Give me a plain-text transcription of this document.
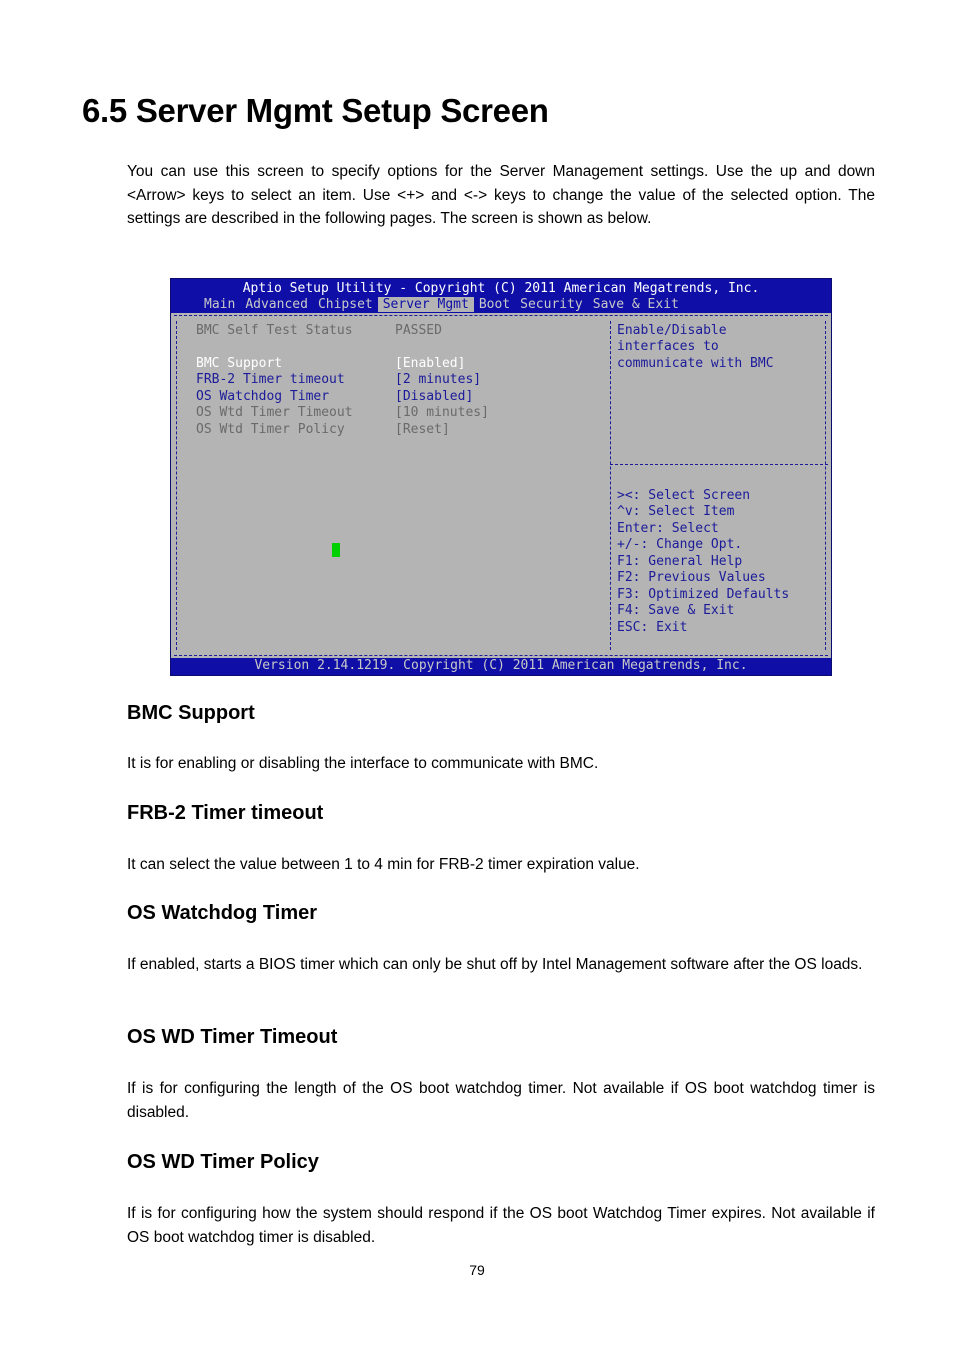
6.5 Server Mgmt Setup Screen
You can use this screen to specify options for the Server Management settings. Use the up and down <Arrow> keys to select an item. Use <+> and <-> keys to change the value of the selected option. The settings are described in the following pages. The screen is shown as below.
Aptio Setup Utility - Copyright (C) 2011 American Megatrends, Inc.
Main Advanced Chipset Server Mgmt Boot Security Save & Exit
BMC Self Test Status	PASSED
BMC Support	[Enabled]
FRB-2 Timer timeout	[2 minutes]
OS Watchdog Timer	[Disabled]
OS Wtd Timer Timeout	[10 minutes]
OS Wtd Timer Policy	[Reset]
Enable/Disable
interfaces to
communicate with BMC
><: Select Screen
^v: Select Item
Enter: Select
+/-: Change Opt.
F1: General Help
F2: Previous Values
F3: Optimized Defaults
F4: Save & Exit
ESC: Exit
Version 2.14.1219. Copyright (C) 2011 American Megatrends, Inc.
BMC Support
It is for enabling or disabling the interface to communicate with BMC.
FRB-2 Timer timeout
It can select the value between 1 to 4 min for FRB-2 timer expiration value.
OS Watchdog Timer
If enabled, starts a BIOS timer which can only be shut off by Intel Management software after the OS loads.
OS WD Timer Timeout
If is for configuring the length of the OS boot watchdog timer. Not available if OS boot watchdog timer is disabled.
OS WD Timer Policy
If is for configuring how the system should respond if the OS boot Watchdog Timer expires. Not available if OS boot watchdog timer is disabled.
79
